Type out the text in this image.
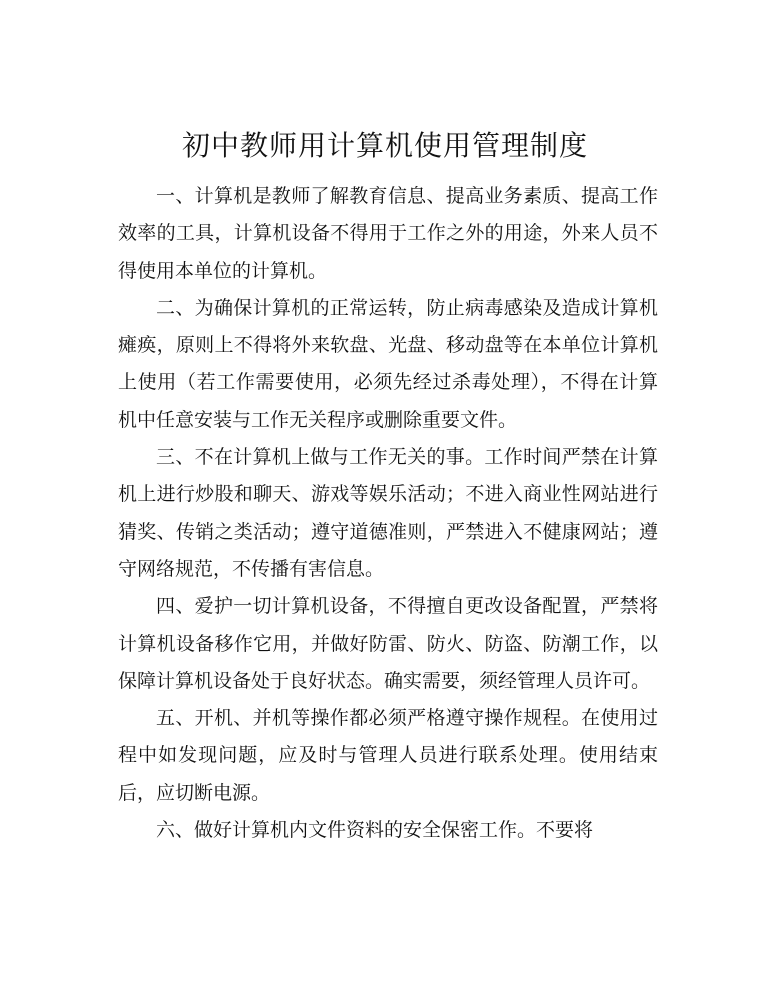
初中教师用计算机使用管理制度

一、计算机是教师了解教育信息、提高业务素质、提高工作效率的工具，计算机设备不得用于工作之外的用途，外来人员不得使用本单位的计算机。

二、为确保计算机的正常运转，防止病毒感染及造成计算机瘫痪，原则上不得将外来软盘、光盘、移动盘等在本单位计算机上使用（若工作需要使用，必须先经过杀毒处理），不得在计算机中任意安装与工作无关程序或删除重要文件。

三、不在计算机上做与工作无关的事。工作时间严禁在计算机上进行炒股和聊天、游戏等娱乐活动；不进入商业性网站进行猜奖、传销之类活动；遵守道德准则，严禁进入不健康网站；遵守网络规范，不传播有害信息。

四、爱护一切计算机设备，不得擅自更改设备配置，严禁将计算机设备移作它用，并做好防雷、防火、防盗、防潮工作，以保障计算机设备处于良好状态。确实需要，须经管理人员许可。

五、开机、并机等操作都必须严格遵守操作规程。在使用过程中如发现问题，应及时与管理人员进行联系处理。使用结束后，应切断电源。

六、做好计算机内文件资料的安全保密工作。不要将
